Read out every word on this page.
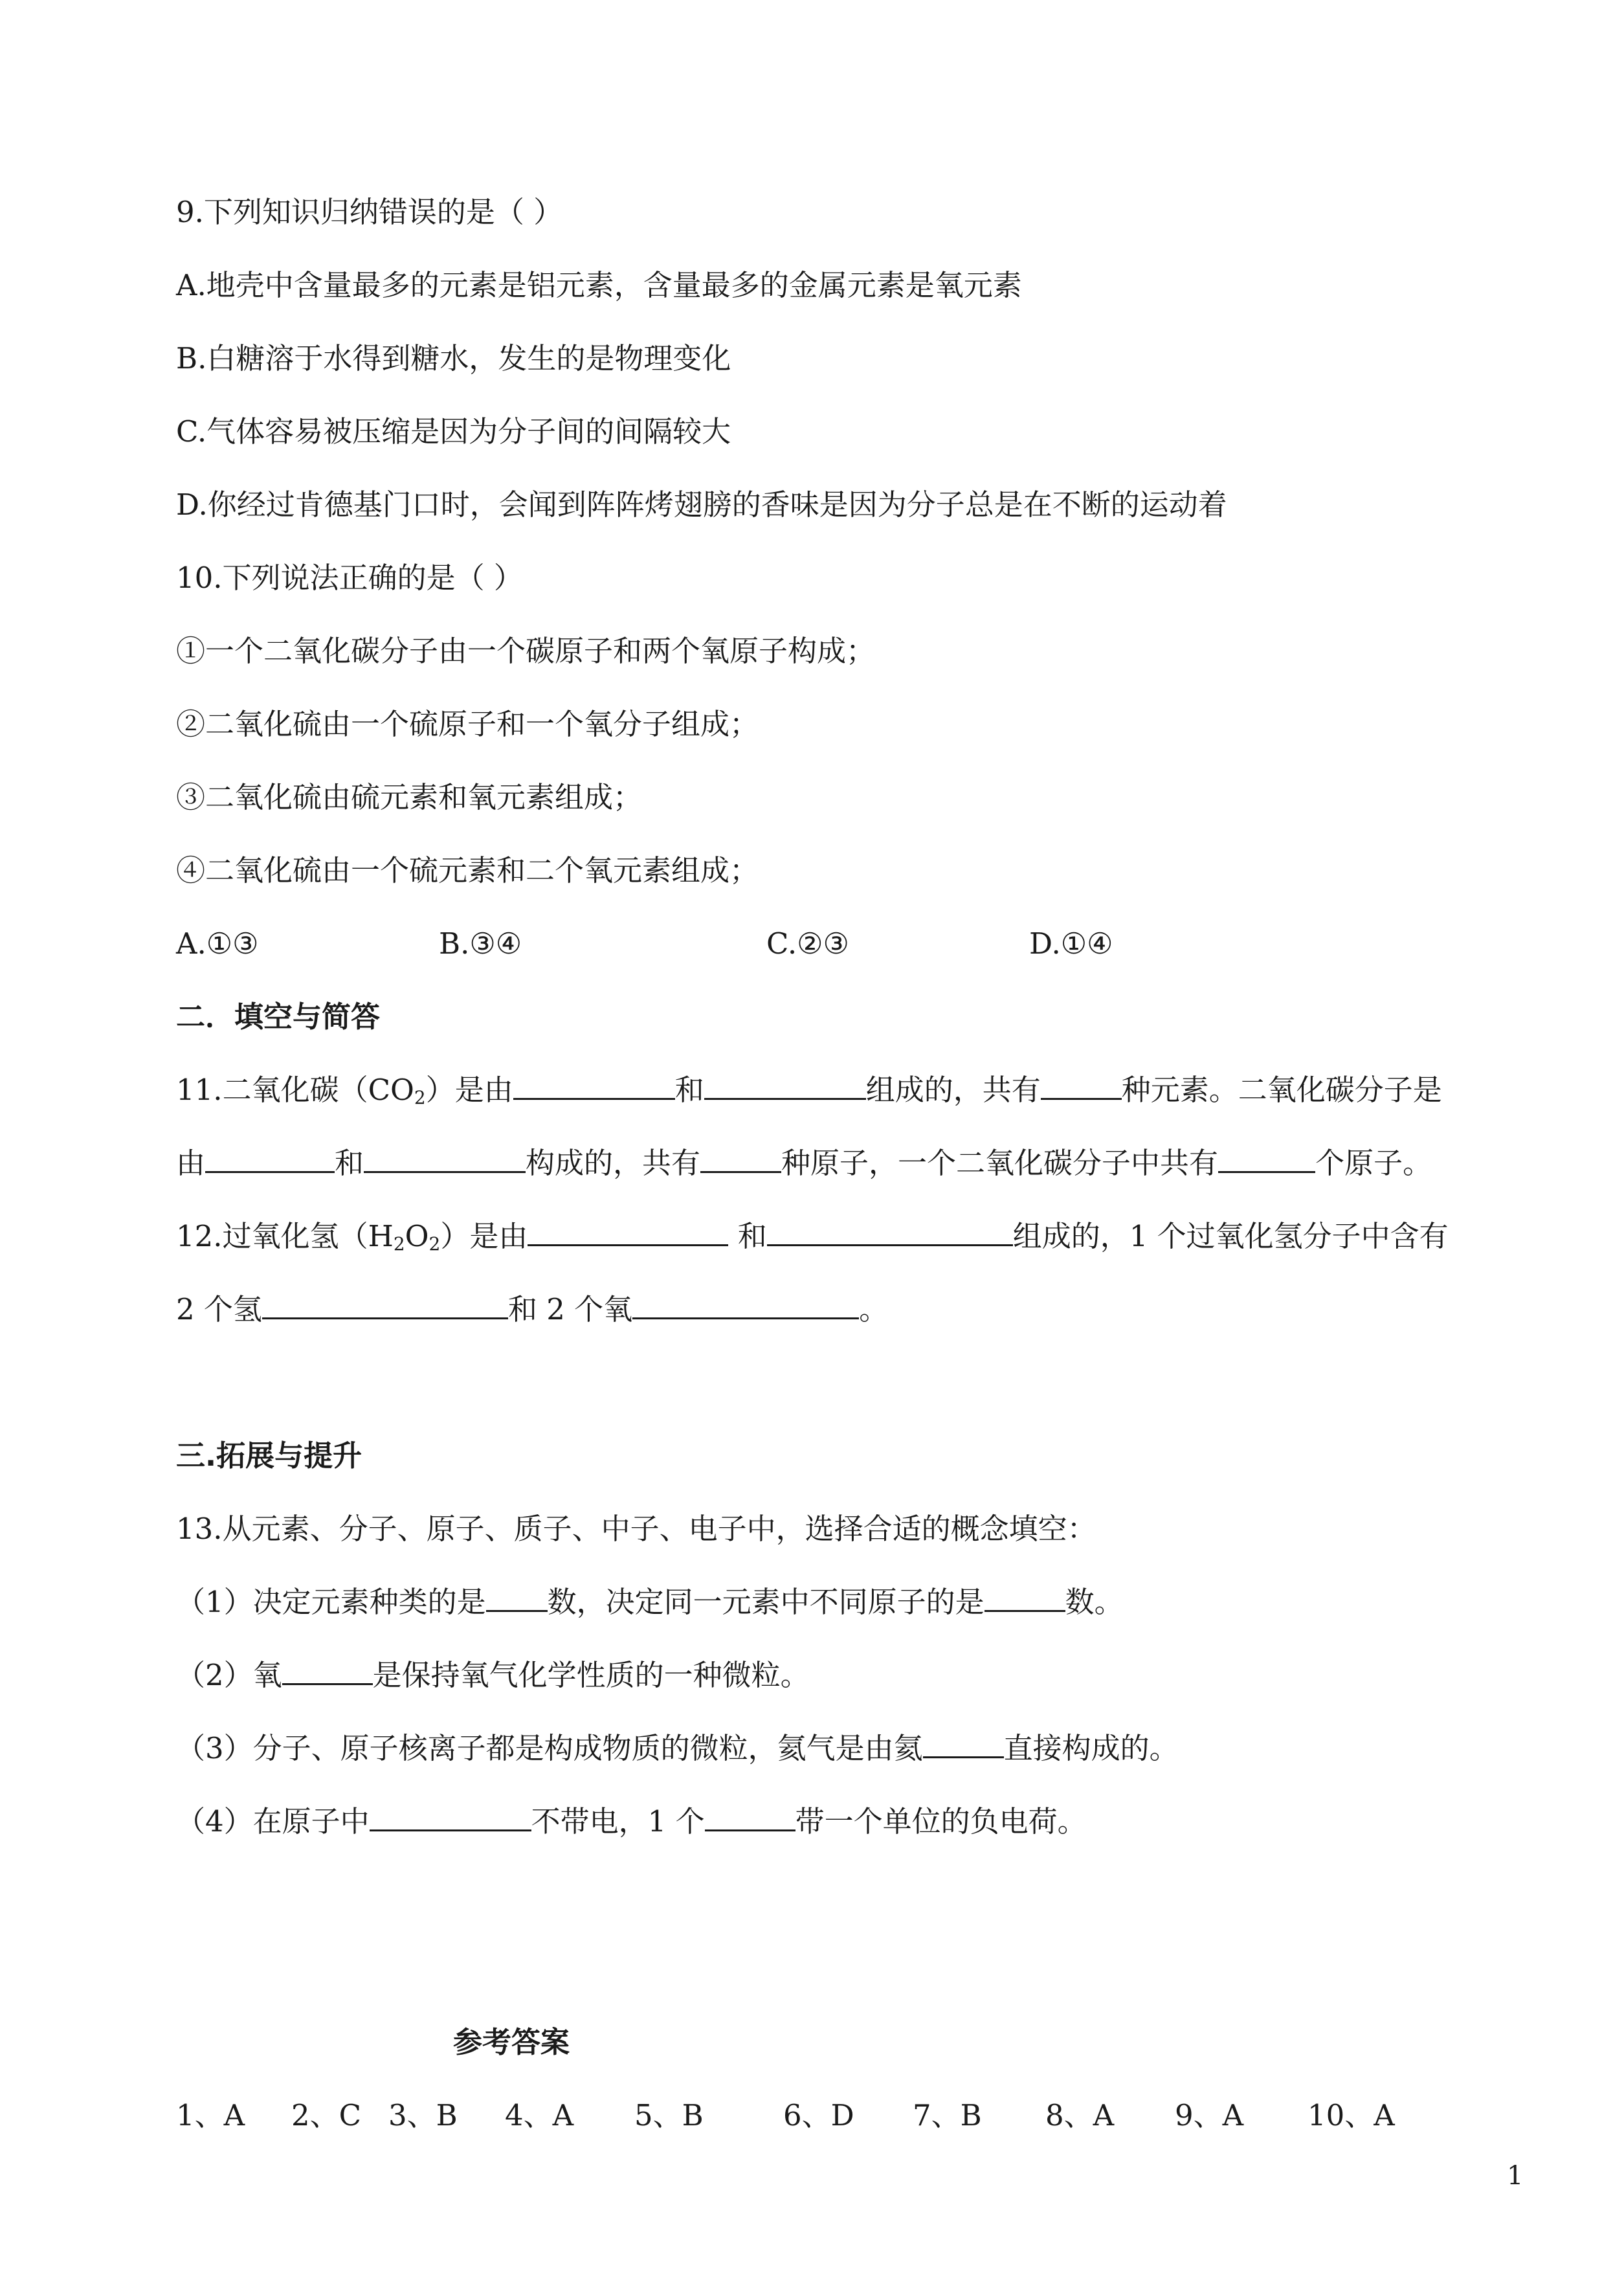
9.下列知识归纳错误的是（ ）
A.地壳中含量最多的元素是铝元素，含量最多的金属元素是氧元素
B.白糖溶于水得到糖水，发生的是物理变化
C.气体容易被压缩是因为分子间的间隔较大
D.你经过肯德基门口时，会闻到阵阵烤翅膀的香味是因为分子总是在不断的运动着
10.下列说法正确的是（ ）
①一个二氧化碳分子由一个碳原子和两个氧原子构成；
②二氧化硫由一个硫原子和一个氧分子组成；
③二氧化硫由硫元素和氧元素组成；
④二氧化硫由一个硫元素和二个氧元素组成；
A.①③	B.③④	C.②③	D.①④
二．填空与简答
11.二氧化碳$(CO_2)$是由	和	组成的，共有	种元素。二氧化碳分子是
由	和	构成的，共有	种原子，一个二氧化碳分子中共有	个原子。
12.过氧化氢$(H_2O_2)$是由	和	组成的，1 个过氧化氢分子中含有
2 个氢	和 2 个氧	。
三.拓展与提升
13.从元素、分子、原子、质子、中子、电子中，选择合适的概念填空：
（1）决定元素种类的是 数，决定同一元素中不同原子的是	数。
（2）氧	是保持氧气化学性质的一种微粒。
（3）分子、原子核离子都是构成物质的微粒，氦气是由氦	直接构成的。
（4）在原子中	不带电，1 个	带一个单位的负电荷。
参考答案
1、A 2、C 3、B 4、A 5、B	6、D 7、B 8、A 9、A 10、A
1
